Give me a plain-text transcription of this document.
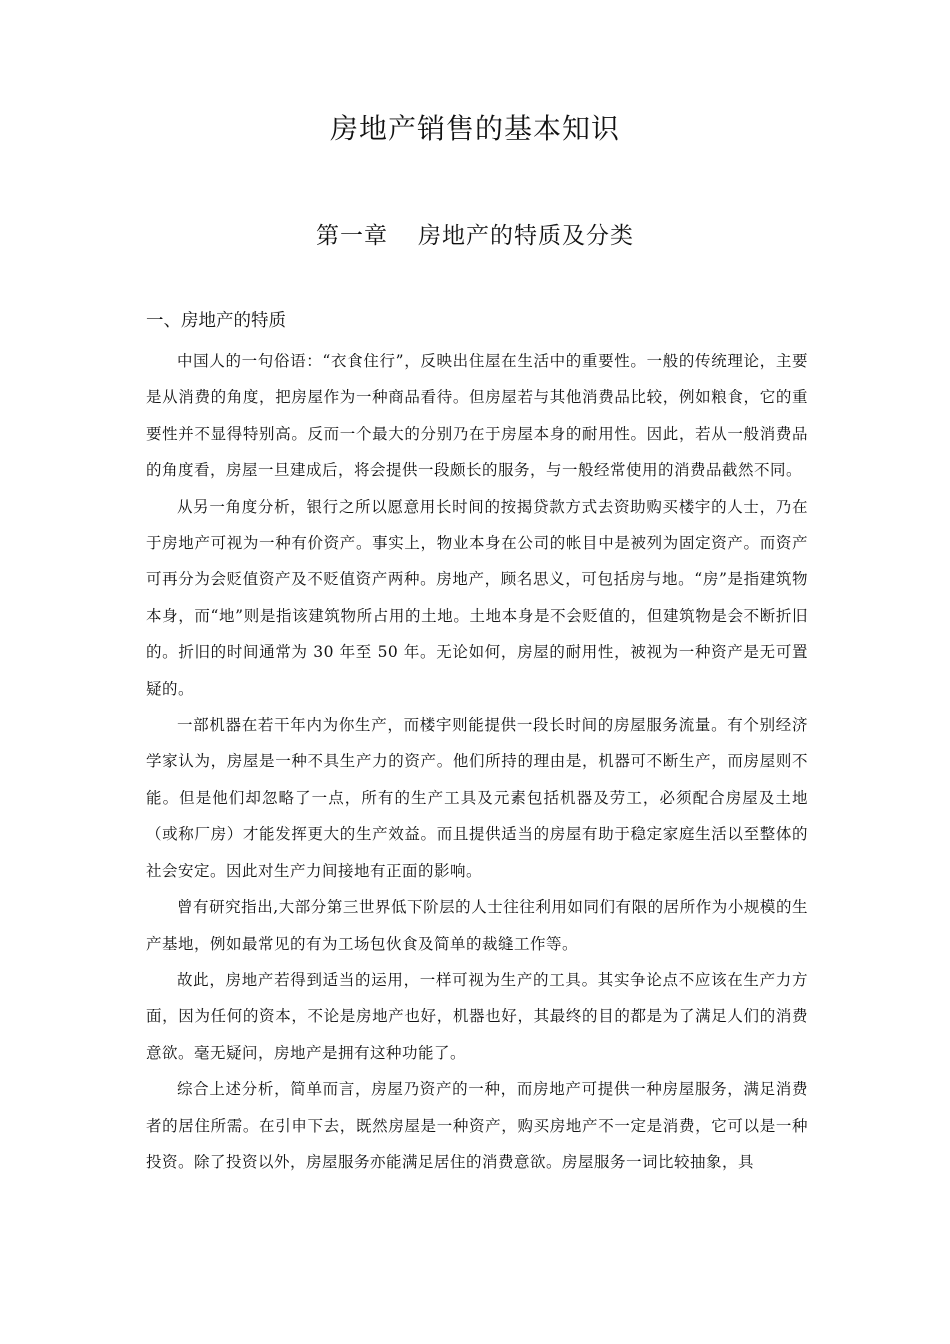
房地产销售的基本知识
第一章 房地产的特质及分类
一、房地产的特质

中国人的一句俗语：“衣食住行”，反映出住屋在生活中的重要性。一般的传统理论，主要是从消费的角度，把房屋作为一种商品看待。但房屋若与其他消费品比较，例如粮食，它的重要性并不显得特别高。反而一个最大的分别乃在于房屋本身的耐用性。因此，若从一般消费品的角度看，房屋一旦建成后，将会提供一段颇长的服务，与一般经常使用的消费品截然不同。

从另一角度分析，银行之所以愿意用长时间的按揭贷款方式去资助购买楼宇的人士，乃在于房地产可视为一种有价资产。事实上，物业本身在公司的帐目中是被列为固定资产。而资产可再分为会贬值资产及不贬值资产两种。房地产，顾名思义，可包括房与地。“房”是指建筑物本身，而“地”则是指该建筑物所占用的土地。土地本身是不会贬值的，但建筑物是会不断折旧的。折旧的时间通常为 30 年至 50 年。无论如何，房屋的耐用性，被视为一种资产是无可置疑的。

一部机器在若干年内为你生产，而楼宇则能提供一段长时间的房屋服务流量。有个别经济学家认为，房屋是一种不具生产力的资产。他们所持的理由是，机器可不断生产，而房屋则不能。但是他们却忽略了一点，所有的生产工具及元素包括机器及劳工，必须配合房屋及土地（或称厂房）才能发挥更大的生产效益。而且提供适当的房屋有助于稳定家庭生活以至整体的社会安定。因此对生产力间接地有正面的影响。

曾有研究指出,大部分第三世界低下阶层的人士往往利用如同们有限的居所作为小规模的生产基地，例如最常见的有为工场包伙食及简单的裁缝工作等。

故此，房地产若得到适当的运用，一样可视为生产的工具。其实争论点不应该在生产力方面，因为任何的资本，不论是房地产也好，机器也好，其最终的目的都是为了满足人们的消费意欲。毫无疑问，房地产是拥有这种功能了。

综合上述分析，简单而言，房屋乃资产的一种，而房地产可提供一种房屋服务，满足消费者的居住所需。在引申下去，既然房屋是一种资产，购买房地产不一定是消费，它可以是一种投资。除了投资以外，房屋服务亦能满足居住的消费意欲。房屋服务一词比较抽象，具
